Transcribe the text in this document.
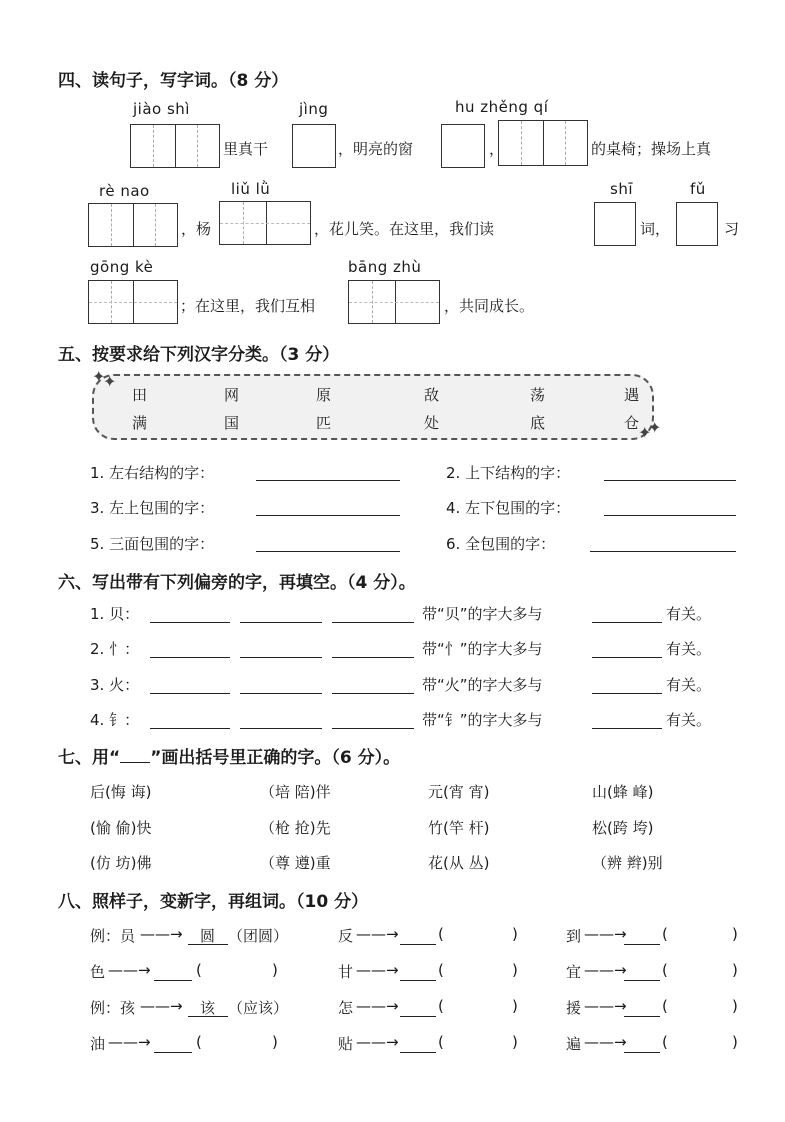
四、读句子，写字词。（8 分）
jiào shì
里真干
jìng
，明亮的窗	，
hu zhěng qí
的桌椅；操场上真
rè nao
，杨
liǔ lǜ
，花儿笑。在这里，我们读
shī
词，
fǔ
习
gōng kè
；在这里，我们互相
bāng zhù
，共同成长。
五、按要求给下列汉字分类。（3 分）
田	网	原	敌	荡	遇
满	国	匹	处	底	仓
✦
✦
✦
✦
1. 左右结构的字：	2. 上下结构的字：
3. 左上包围的字：	4. 左下包围的字：
5. 三面包围的字：	6. 全包围的字：
六、写出带有下列偏旁的字，再填空。（4 分）。
1. 贝：	带“贝”的字大多与	有关。
2. 忄：	带“忄”的字大多与	有关。
3. 火：	带“火”的字大多与	有关。
4. 钅：	带“钅”的字大多与	有关。
七、用“ ”画出括号里正确的字。（6 分）。
后(悔 诲)	（培 陪)伴	元(宵 宵)	山(蜂 峰)
(愉 偷)快	（枪 抢)先	竹(竿 杆)	松(跨 垮)
(仿 坊)佛	（尊 遵)重	花(从 丛)	（辨 辫)别
八、照样子，变新字，再组词。（10 分）
例：员 ——→ 圆 （团圆）	反 ——→	(	)	到 ——→ (	)
色 ——→	(	)	甘 ——→	(	)	宜 ——→ (	)
例：孩 ——→ 该 （应该）	怎 ——→	(	)	援 ——→ (	)
油 ——→	(	)	贴 ——→	(	)	遍 ——→ (	)
